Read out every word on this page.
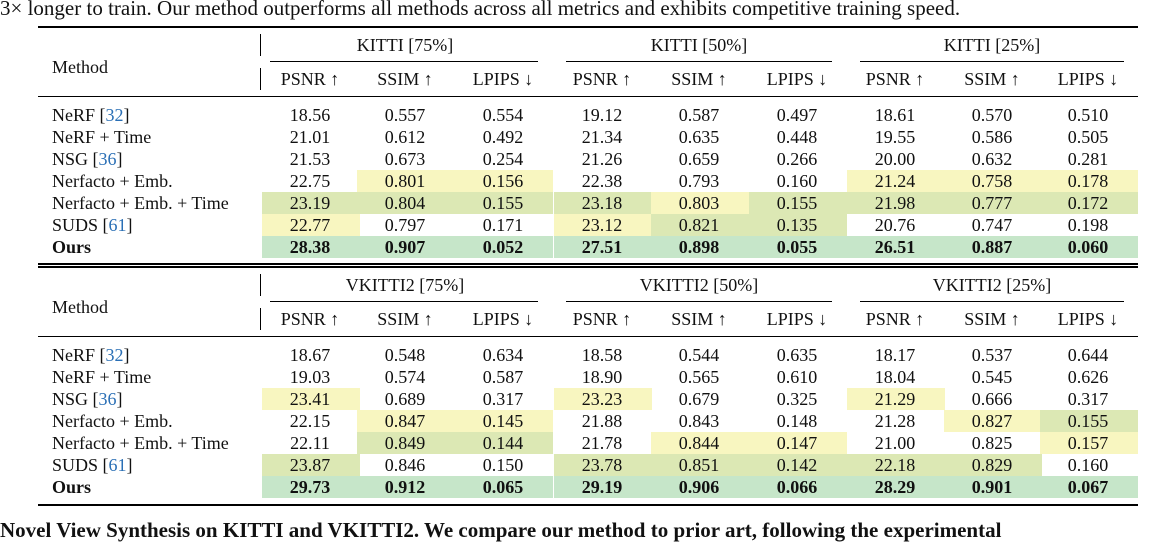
3× longer to train. Our method outperforms all methods across all metrics and exhibits competitive training speed.
Method
KITTI [75%]	KITTI [50%]	KITTI [25%]
PSNR ↑	SSIM ↑	LPIPS ↓	PSNR ↑	SSIM ↑	LPIPS ↓	PSNR ↑	SSIM ↑	LPIPS ↓
NeRF [32]	18.56	0.557	0.554	19.12	0.587	0.497	18.61	0.570	0.510
NeRF + Time	21.01	0.612	0.492	21.34	0.635	0.448	19.55	0.586	0.505
NSG [36]	21.53	0.673	0.254	21.26	0.659	0.266	20.00	0.632	0.281
Nerfacto + Emb.	22.75	0.801	0.156	22.38	0.793	0.160	21.24	0.758	0.178
Nerfacto + Emb. + Time	23.19	0.804	0.155	23.18	0.803	0.155	21.98	0.777	0.172
SUDS [61]	22.77	0.797	0.171	23.12	0.821	0.135	20.76	0.747	0.198
Ours	28.38	0.907	0.052	27.51	0.898	0.055	26.51	0.887	0.060
Method
VKITTI2 [75%]	VKITTI2 [50%]	VKITTI2 [25%]
PSNR ↑	SSIM ↑	LPIPS ↓	PSNR ↑	SSIM ↑	LPIPS ↓	PSNR ↑	SSIM ↑	LPIPS ↓
NeRF [32]	18.67	0.548	0.634	18.58	0.544	0.635	18.17	0.537	0.644
NeRF + Time	19.03	0.574	0.587	18.90	0.565	0.610	18.04	0.545	0.626
NSG [36]	23.41	0.689	0.317	23.23	0.679	0.325	21.29	0.666	0.317
Nerfacto + Emb.	22.15	0.847	0.145	21.88	0.843	0.148	21.28	0.827	0.155
Nerfacto + Emb. + Time	22.11	0.849	0.144	21.78	0.844	0.147	21.00	0.825	0.157
SUDS [61]	23.87	0.846	0.150	23.78	0.851	0.142	22.18	0.829	0.160
Ours	29.73	0.912	0.065	29.19	0.906	0.066	28.29	0.901	0.067
Novel View Synthesis on KITTI and VKITTI2. We compare our method to prior art, following the experimental
